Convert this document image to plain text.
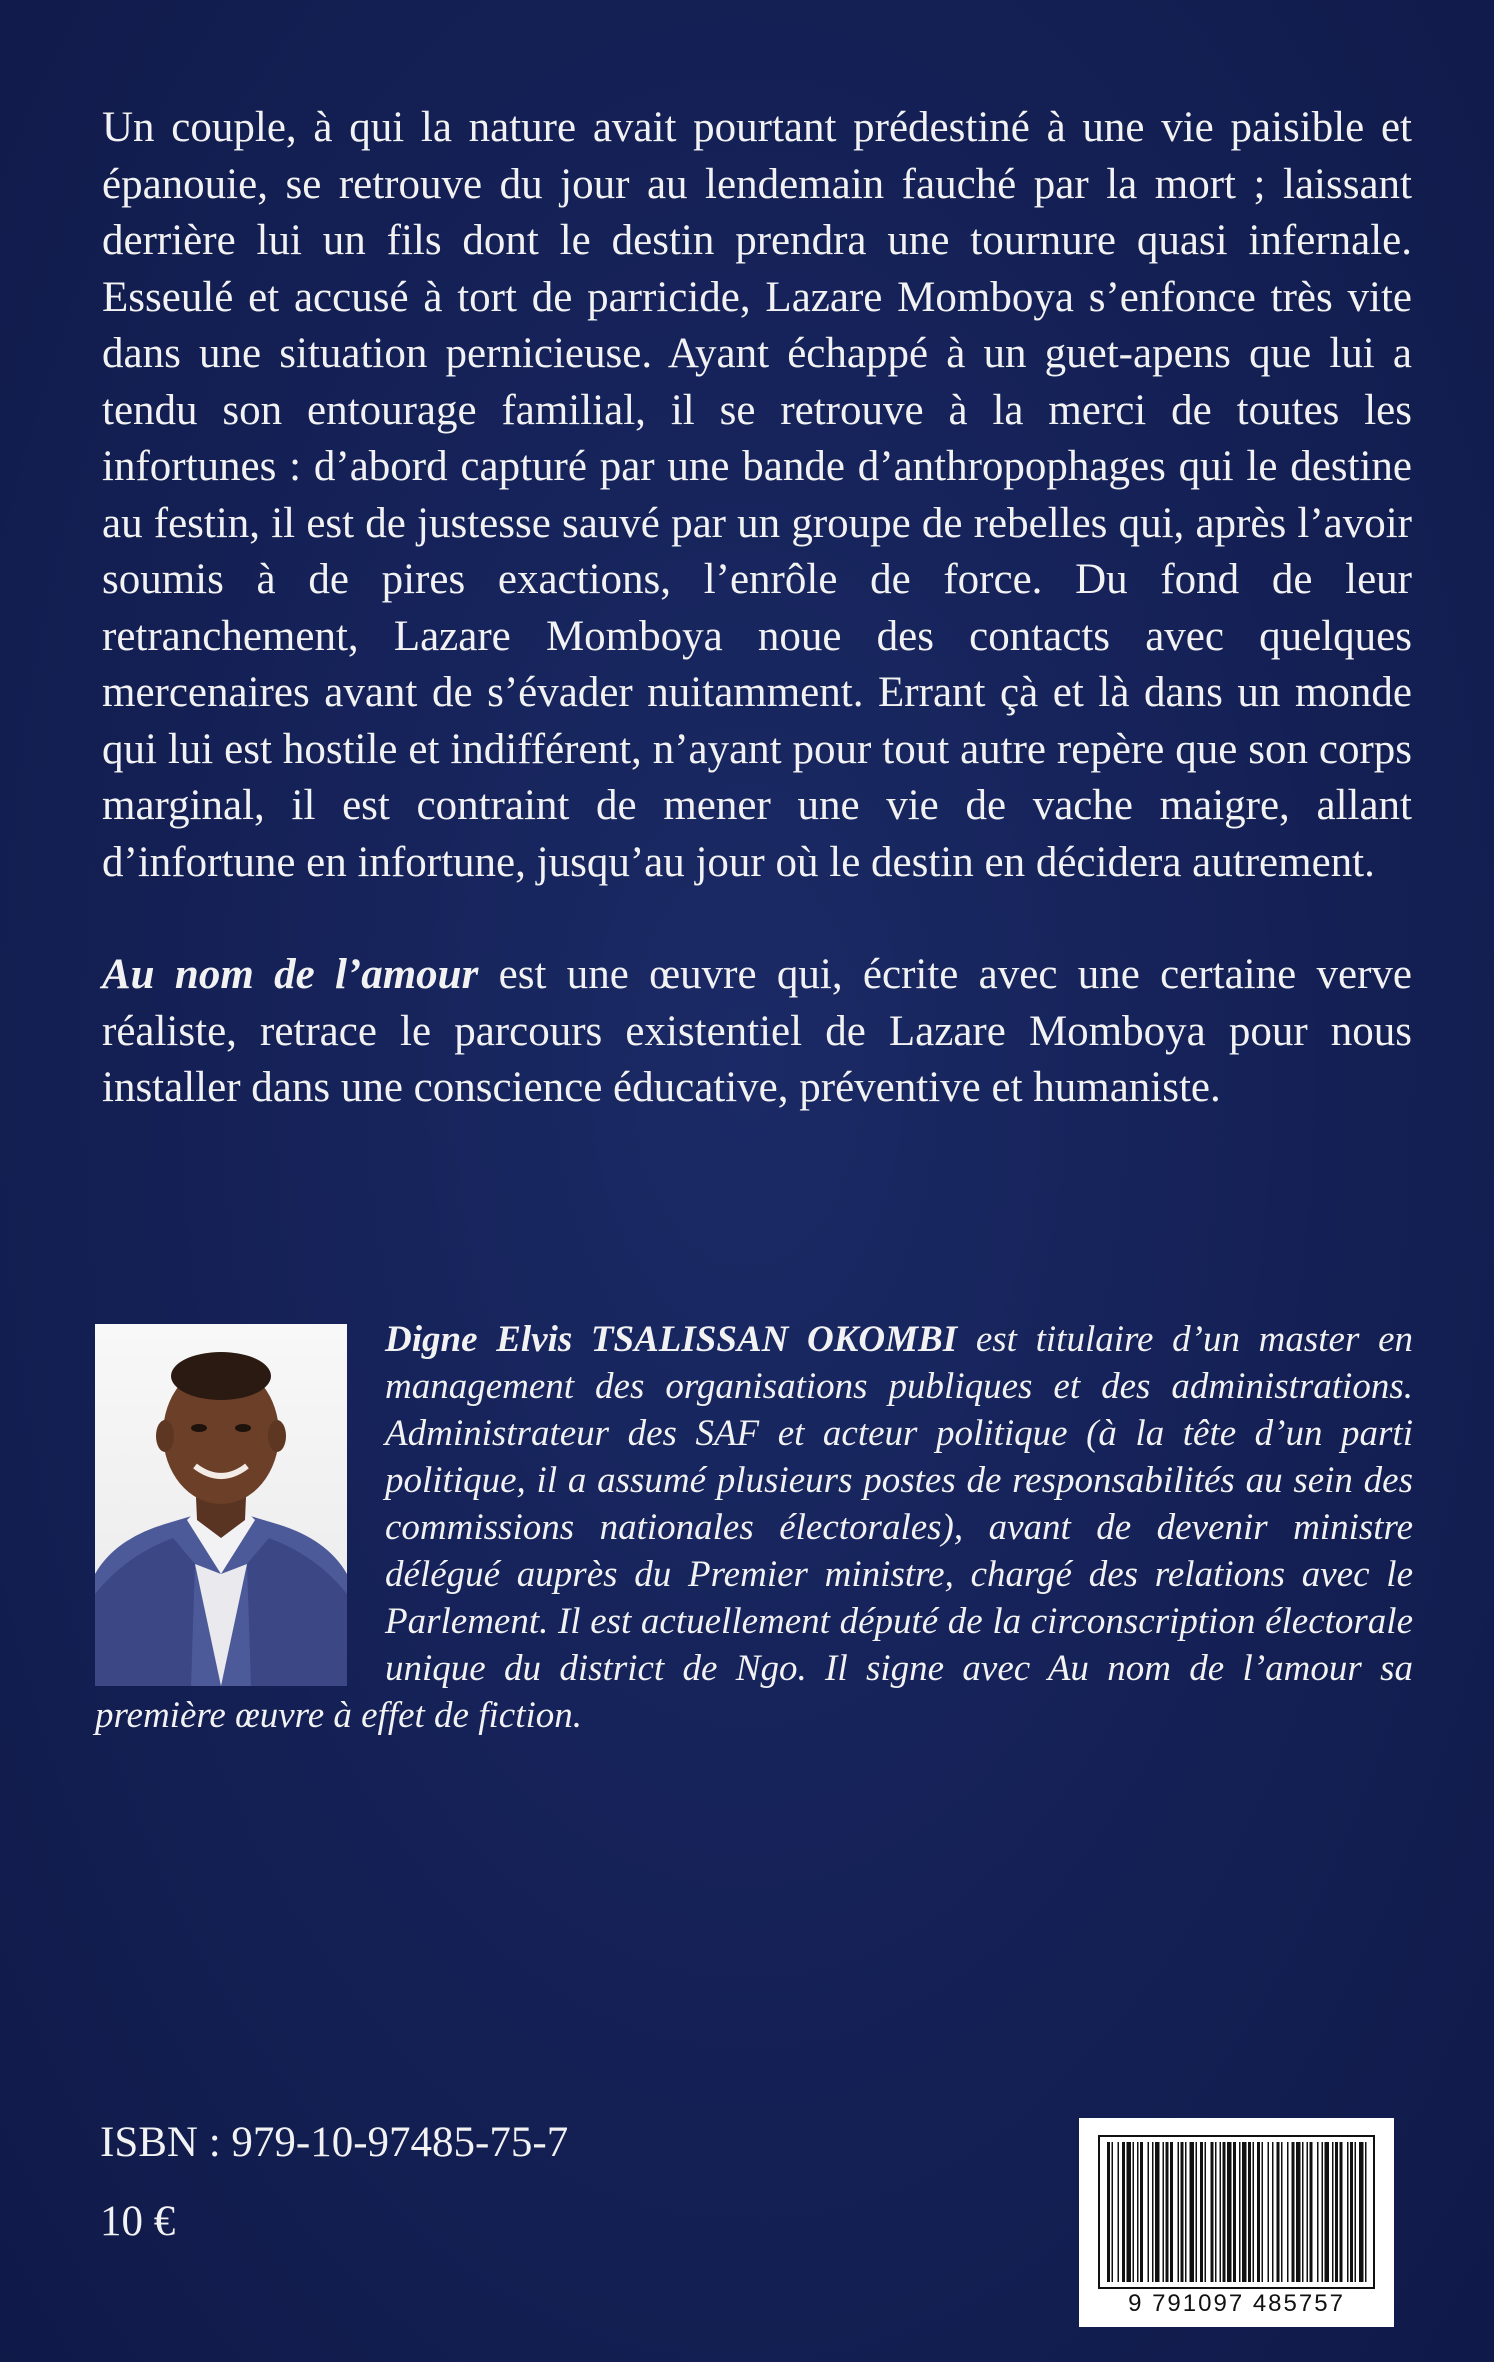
Un couple, à qui la nature avait pourtant prédestiné à une vie paisible et épanouie, se retrouve du jour au lendemain fauché par la mort ; laissant derrière lui un fils dont le destin prendra une tournure quasi infernale. Esseulé et accusé à tort de parricide, Lazare Momboya s’enfonce très vite dans une situation pernicieuse. Ayant échappé à un guet-apens que lui a tendu son entourage familial, il se retrouve à la merci de toutes les infortunes : d’abord capturé par une bande d’anthropophages qui le destine au festin, il est de justesse sauvé par un groupe de rebelles qui, après l’avoir soumis à de pires exactions, l’enrôle de force. Du fond de leur retranchement, Lazare Momboya noue des contacts avec quelques mercenaires avant de s’évader nuitamment. Errant çà et là dans un monde qui lui est hostile et indifférent, n’ayant pour tout autre repère que son corps marginal, il est contraint de mener une vie de vache maigre, allant d’infortune en infortune, jusqu’au jour où le destin en décidera autrement.

Au nom de l’amour est une œuvre qui, écrite avec une certaine verve réaliste, retrace le parcours existentiel de Lazare Momboya pour nous installer dans une conscience éducative, préventive et humaniste.

Digne Elvis TSALISSAN OKOMBI est titulaire d’un master en management des organisations publiques et des administrations. Administrateur des SAF et acteur politique (à la tête d’un parti politique, il a assumé plusieurs postes de responsabilités au sein des commissions nationales électorales), avant de devenir ministre délégué auprès du Premier ministre, chargé des relations avec le Parlement. Il est actuellement député de la circonscription électorale unique du district de Ngo. Il signe avec Au nom de l’amour sa première œuvre à effet de fiction.

ISBN : 979-10-97485-75-7

10 €

9 791097 485757
